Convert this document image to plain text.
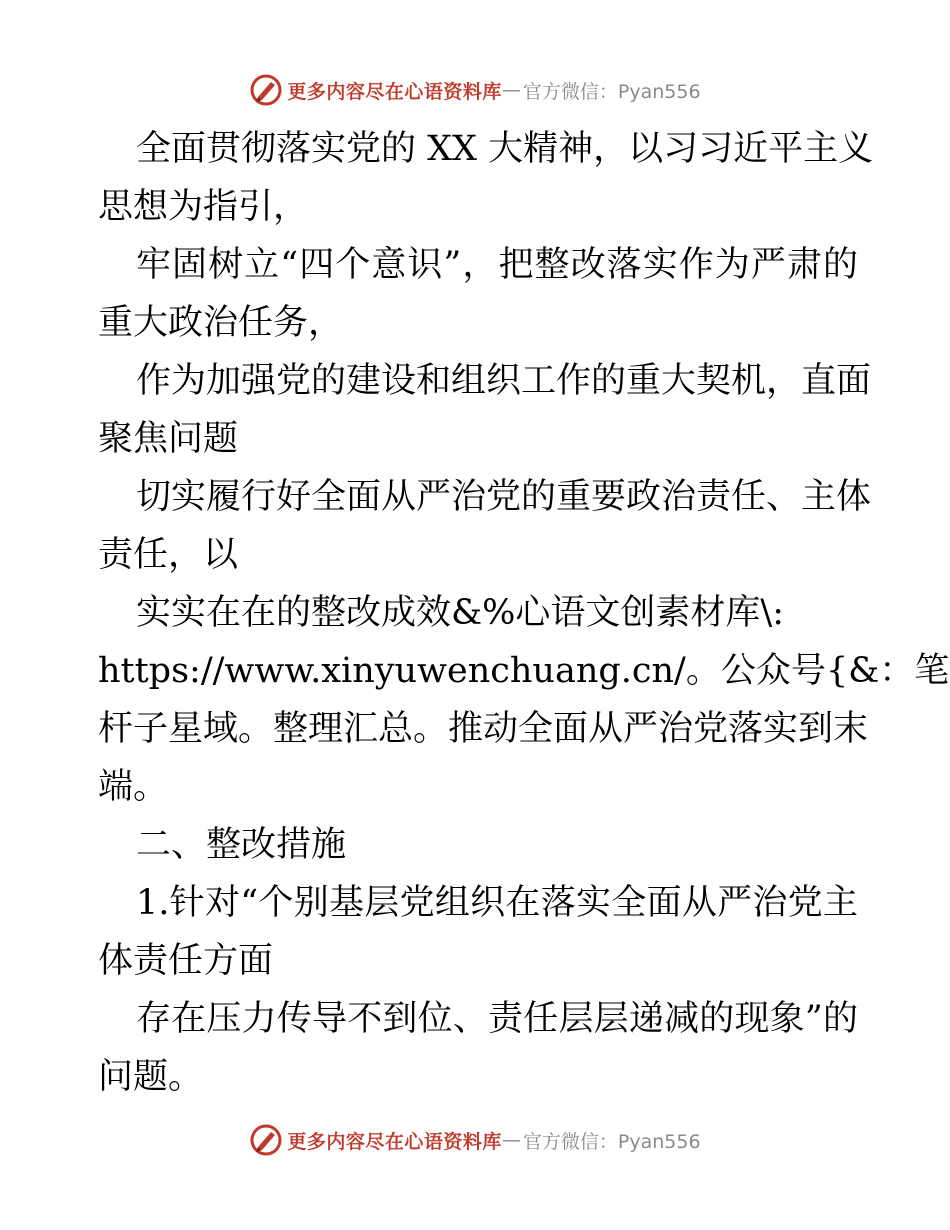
更多内容尽在心语资料库 — 官方微信：Pyan556
全面贯彻落实党的 XX 大精神，以习习近平主义
思想为指引，
牢固树立“四个意识”，把整改落实作为严肃的
重大政治任务，
作为加强党的建设和组织工作的重大契机，直面
聚焦问题
切实履行好全面从严治党的重要政治责任、主体
责任，以
实实在在的整改成效&%心语文创素材库\:
https://www.xinyuwenchuang.cn/。公众号{&：笔
杆子星域。整理汇总。推动全面从严治党落实到末
端。
二、整改措施
1.针对“个别基层党组织在落实全面从严治党主
体责任方面
存在压力传导不到位、责任层层递减的现象”的
问题。
更多内容尽在心语资料库 — 官方微信：Pyan556
